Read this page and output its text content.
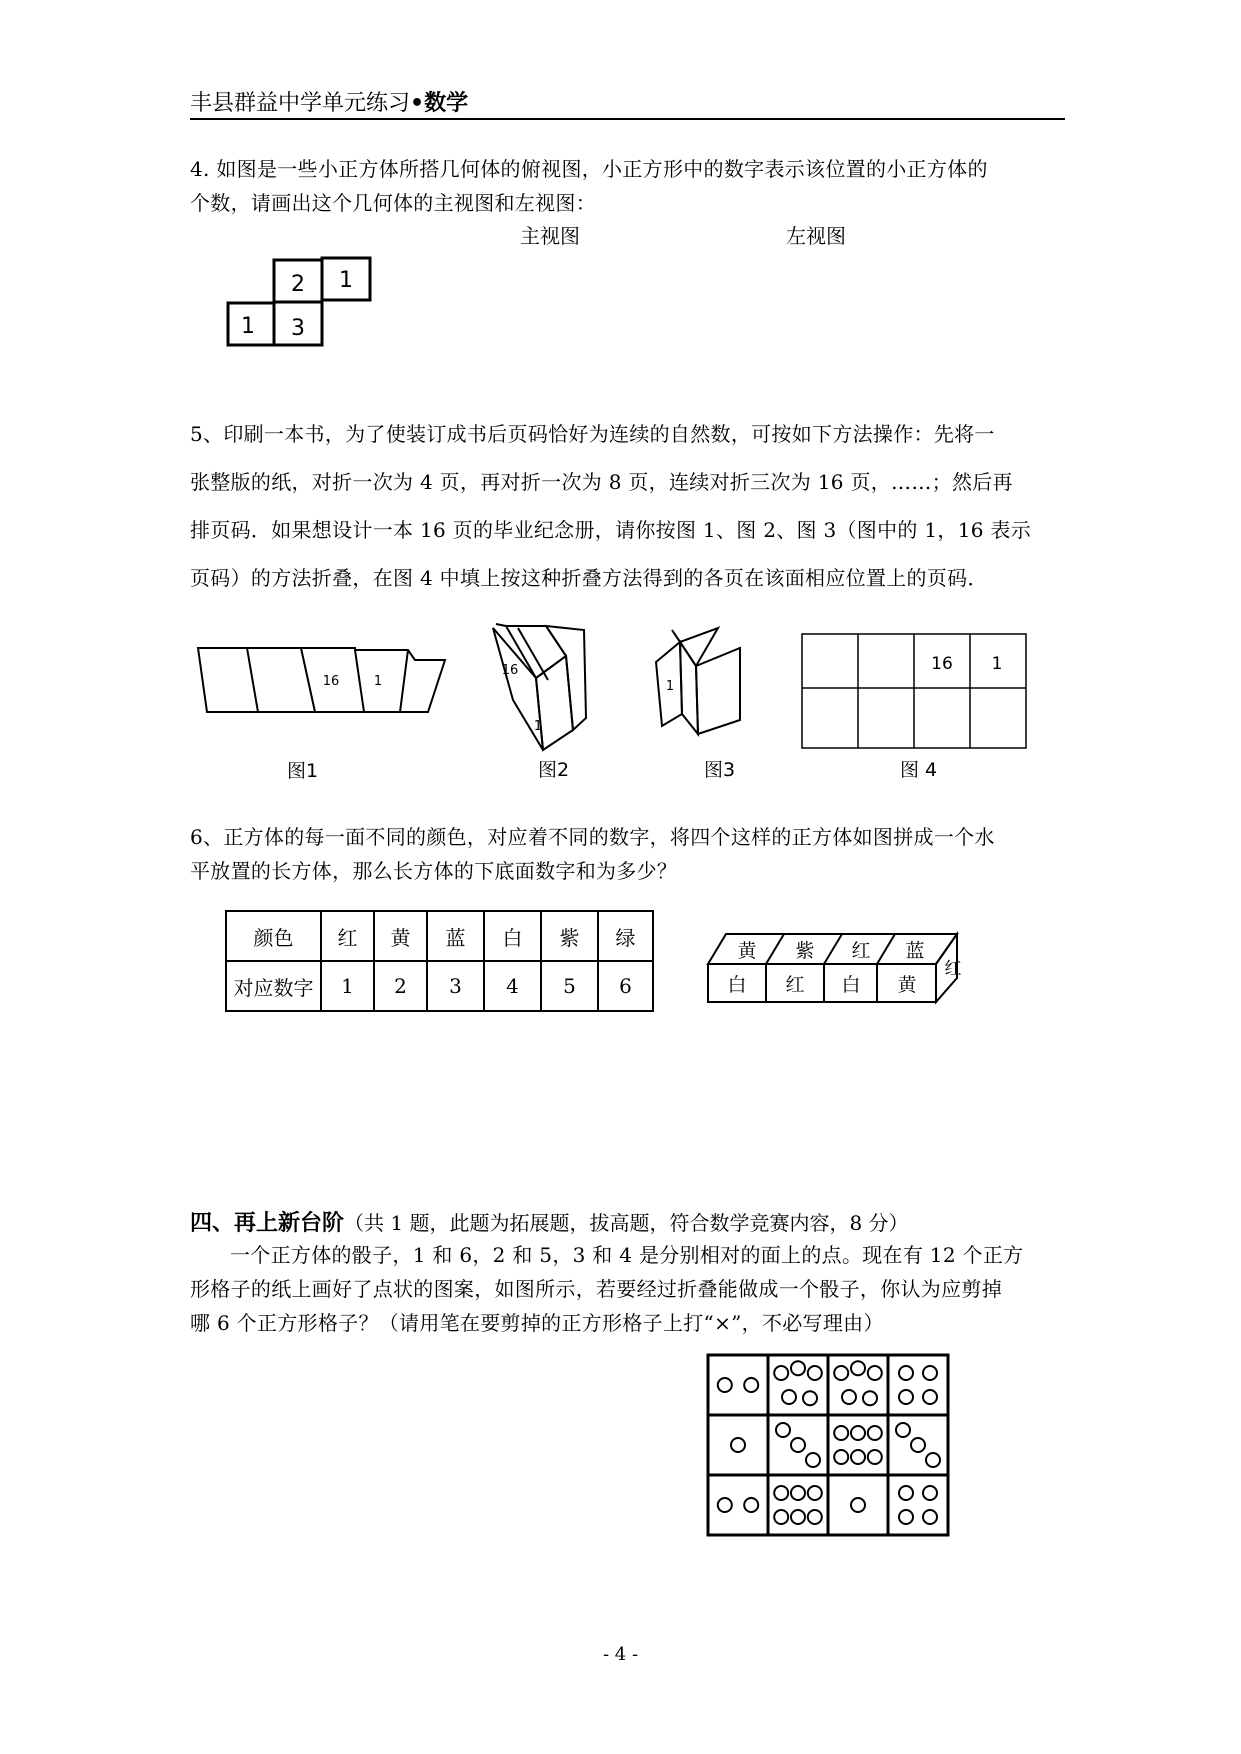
丰县群益中学单元练习•数学
4. 如图是一些小正方体所搭几何体的俯视图，小正方形中的数字表示该位置的小正方体的
个数，请画出这个几何体的主视图和左视图：
主视图	左视图
2 1
1 3
5、印刷一本书，为了使装订成书后页码恰好为连续的自然数，可按如下方法操作：先将一
张整版的纸，对折一次为 4 页，再对折一次为 8 页，连续对折三次为 16 页，……；然后再
排页码．如果想设计一本 16 页的毕业纪念册，请你按图 1、图 2、图 3（图中的 1，16 表示
页码）的方法折叠，在图 4 中填上按这种折叠方法得到的各页在该面相应位置上的页码．
16	1
图1
16
1
图2
1
图3
16 1
图 4
6、正方体的每一面不同的颜色，对应着不同的数字，将四个这样的正方体如图拼成一个水
平放置的长方体，那么长方体的下底面数字和为多少？
颜色	红	黄	蓝	白	紫	绿
对应数字	1	2	3	4	5	6
黄 紫 红 蓝
白 红 白 黄
红
四、再上新台阶（共 1 题，此题为拓展题，拔高题，符合数学竞赛内容，8 分）
一个正方体的骰子，1 和 6，2 和 5，3 和 4 是分别相对的面上的点。现在有 12 个正方
形格子的纸上画好了点状的图案，如图所示，若要经过折叠能做成一个骰子，你认为应剪掉
哪 6 个正方形格子？（请用笔在要剪掉的正方形格子上打“×”，不必写理由）
- 4 -
